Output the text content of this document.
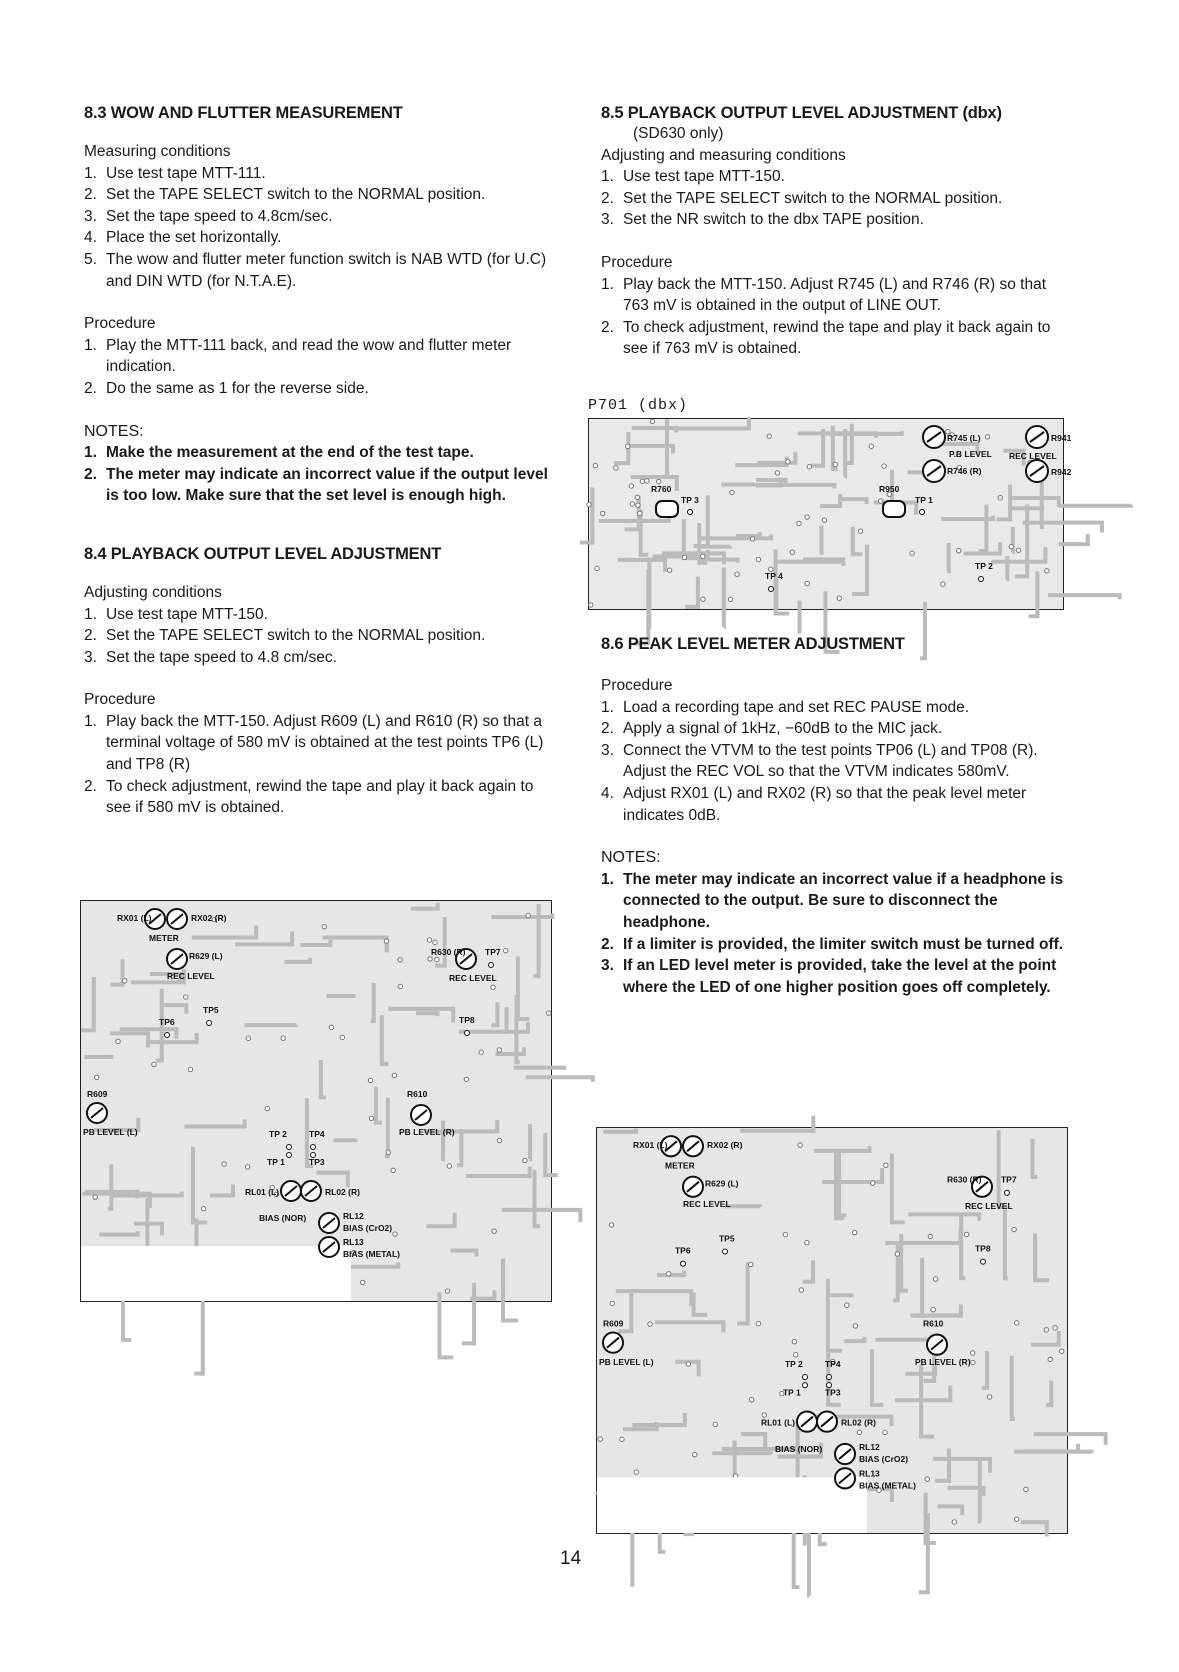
8.3 WOW AND FLUTTER MEASUREMENT

Measuring conditions

1. Use test tape MTT-111.
2. Set the TAPE SELECT switch to the NORMAL position.
3. Set the tape speed to 4.8cm/sec.
4. Place the set horizontally.
5. The wow and flutter meter function switch is NAB WTD (for U.C) and DIN WTD (for N.T.A.E).

Procedure

1. Play the MTT-111 back, and read the wow and flutter meter indication.
2. Do the same as 1 for the reverse side.

NOTES:

1. Make the measurement at the end of the test tape.
2. The meter may indicate an incorrect value if the output level is too low. Make sure that the set level is enough high.
8.4 PLAYBACK OUTPUT LEVEL ADJUSTMENT

Adjusting conditions

1. Use test tape MTT-150.
2. Set the TAPE SELECT switch to the NORMAL position.
3. Set the tape speed to 4.8 cm/sec.

Procedure

1. Play back the MTT-150. Adjust R609 (L) and R610 (R) so that a terminal voltage of 580 mV is obtained at the test points TP6 (L) and TP8 (R)
2. To check adjustment, rewind the tape and play it back again to see if 580 mV is obtained.
8.5 PLAYBACK OUTPUT LEVEL ADJUSTMENT (dbx)

(SD630 only)

Adjusting and measuring conditions

1. Use test tape MTT-150.
2. Set the TAPE SELECT switch to the NORMAL position.
3. Set the NR switch to the dbx TAPE position.

Procedure

1. Play back the MTT-150. Adjust R745 (L) and R746 (R) so that 763 mV is obtained in the output of LINE OUT.
2. To check adjustment, rewind the tape and play it back again to see if 763 mV is obtained.
P701 (dbx)
R745 (L)
P.B LEVEL
R746 (R)
R941
REC LEVEL
R942
R760
TP 3
R950
TP 1
TP 2
TP 4
8.6 PEAK LEVEL METER ADJUSTMENT

Procedure

1. Load a recording tape and set REC PAUSE mode.
2. Apply a signal of 1kHz, −60dB to the MIC jack.
3. Connect the VTVM to the test points TP06 (L) and TP08 (R). Adjust the REC VOL so that the VTVM indicates 580mV.
4. Adjust RX01 (L) and RX02 (R) so that the peak level meter indicates 0dB.

NOTES:

1. The meter may indicate an incorrect value if a headphone is connected to the output. Be sure to disconnect the headphone.
2. If a limiter is provided, the limiter switch must be turned off.
3. If an LED level meter is provided, take the level at the point where the LED of one higher position goes off completely.
RX01 (L)	RX02 (R)
METER
R629 (L)
REC LEVEL
R630 (R) TP7
REC LEVEL
TP5
TP6	TP8
R609
PB LEVEL (L)
R610
PB LEVEL (R)
TP 2	TP4
TP 1	TP3
RL01 (L)	RL02 (R)
BIAS (NOR)	RL12
BIAS (CrO2)
RL13
BIAS (METAL)
RX01 (L)	RX02 (R)
METER
R629 (L)
REC LEVEL
R630 (R) TP7
REC LEVEL
TP5
TP6	TP8
R609
PB LEVEL (L)
R610
PB LEVEL (R)
TP 2	TP4
TP 1	TP3
RL01 (L)	RL02 (R)
BIAS (NOR)	RL12
BIAS (CrO2)
RL13
BIAS (METAL)
14
